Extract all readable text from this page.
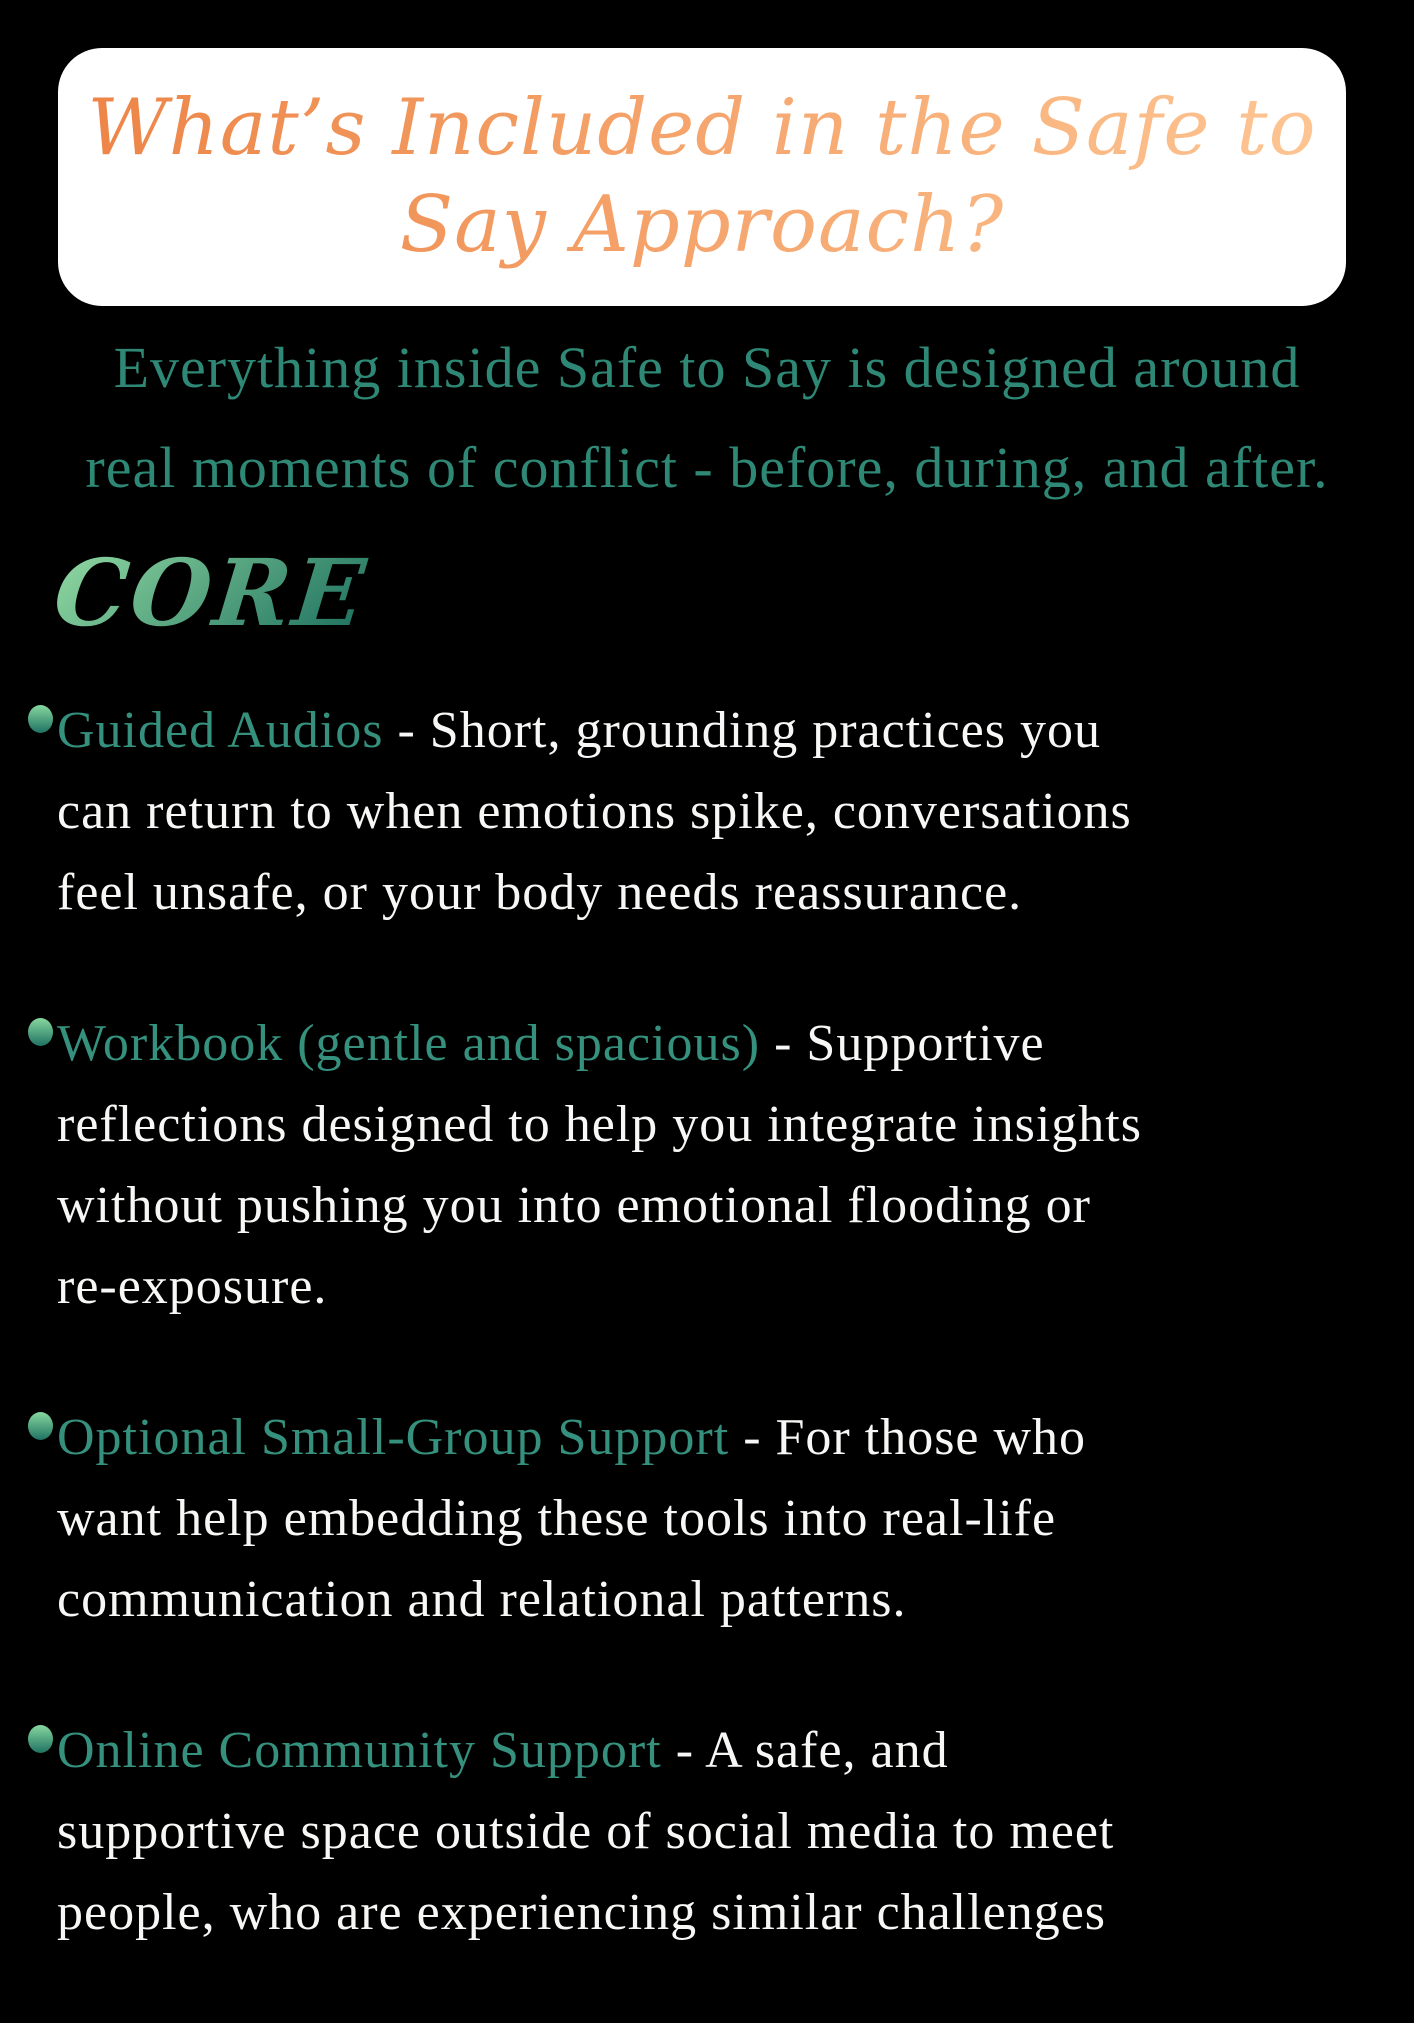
What’s Included in the Safe to
Say Approach?
Everything inside Safe to Say is designed around
real moments of conflict - before, during, and after.
CORE
Guided Audios - Short, grounding practices you
can return to when emotions spike, conversations
feel unsafe, or your body needs reassurance.
Workbook (gentle and spacious) - Supportive
reflections designed to help you integrate insights
without pushing you into emotional flooding or
re-exposure.
Optional Small-Group Support - For those who
want help embedding these tools into real-life
communication and relational patterns.
Online Community Support - A safe, and
supportive space outside of social media to meet
people, who are experiencing similar challenges
